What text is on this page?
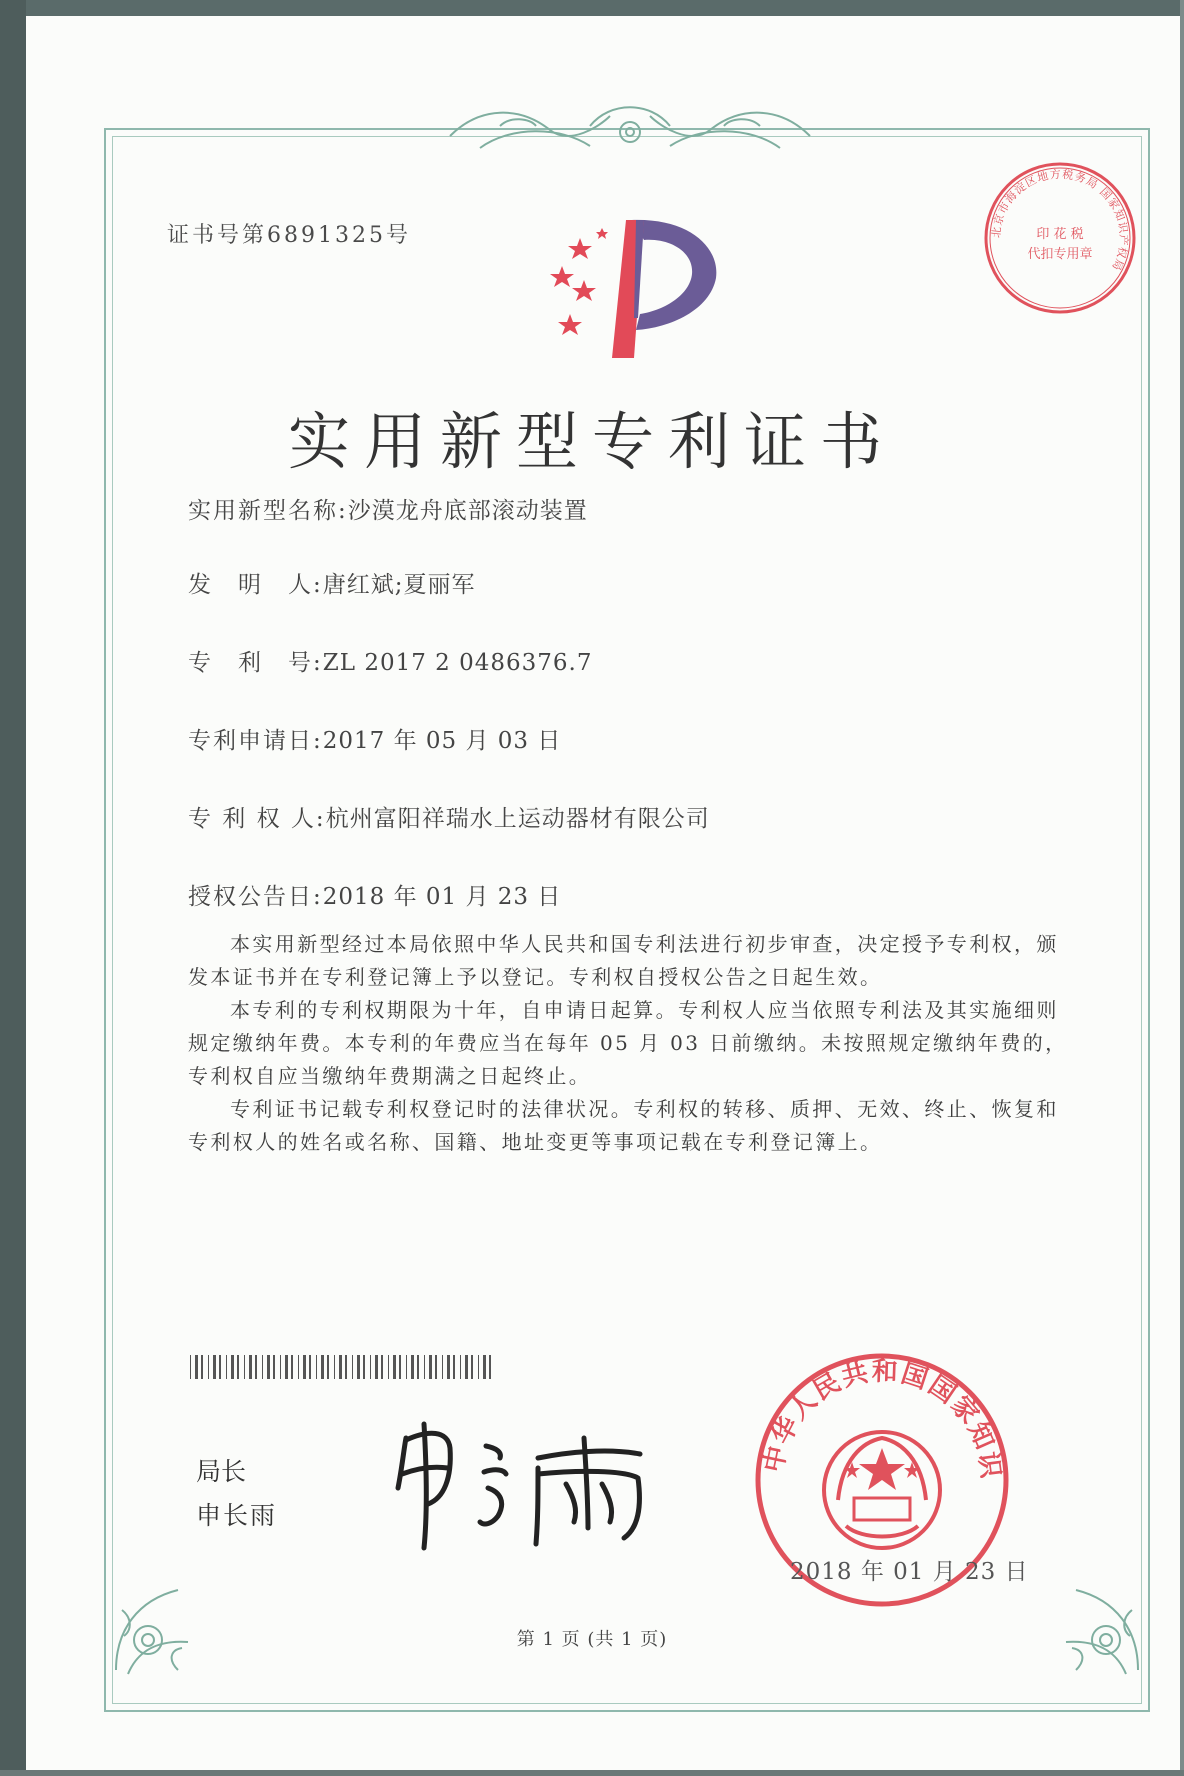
证书号第6891325号	北京市海淀区地方税务局 国家知识产权局
印 花 税
代扣专用章
实用新型专利证书
实用新型名称:沙漠龙舟底部滚动装置
发　明　人:唐红斌;夏丽军
专　利　号:ZL 2017 2 0486376.7
专利申请日:2017 年 05 月 03 日
专 利 权 人:杭州富阳祥瑞水上运动器材有限公司
授权公告日:2018 年 01 月 23 日

本实用新型经过本局依照中华人民共和国专利法进行初步审查，决定授予专利权，颁发本证书并在专利登记簿上予以登记。专利权自授权公告之日起生效。

本专利的专利权期限为十年，自申请日起算。专利权人应当依照专利法及其实施细则规定缴纳年费。本专利的年费应当在每年 05 月 03 日前缴纳。未按照规定缴纳年费的，专利权自应当缴纳年费期满之日起终止。

专利证书记载专利权登记时的法律状况。专利权的转移、质押、无效、终止、恢复和专利权人的姓名或名称、国籍、地址变更等事项记载在专利登记簿上。

局长
申长雨
中华人民共和国国家知识
2018 年 01 月 23 日
第 1 页 (共 1 页)
